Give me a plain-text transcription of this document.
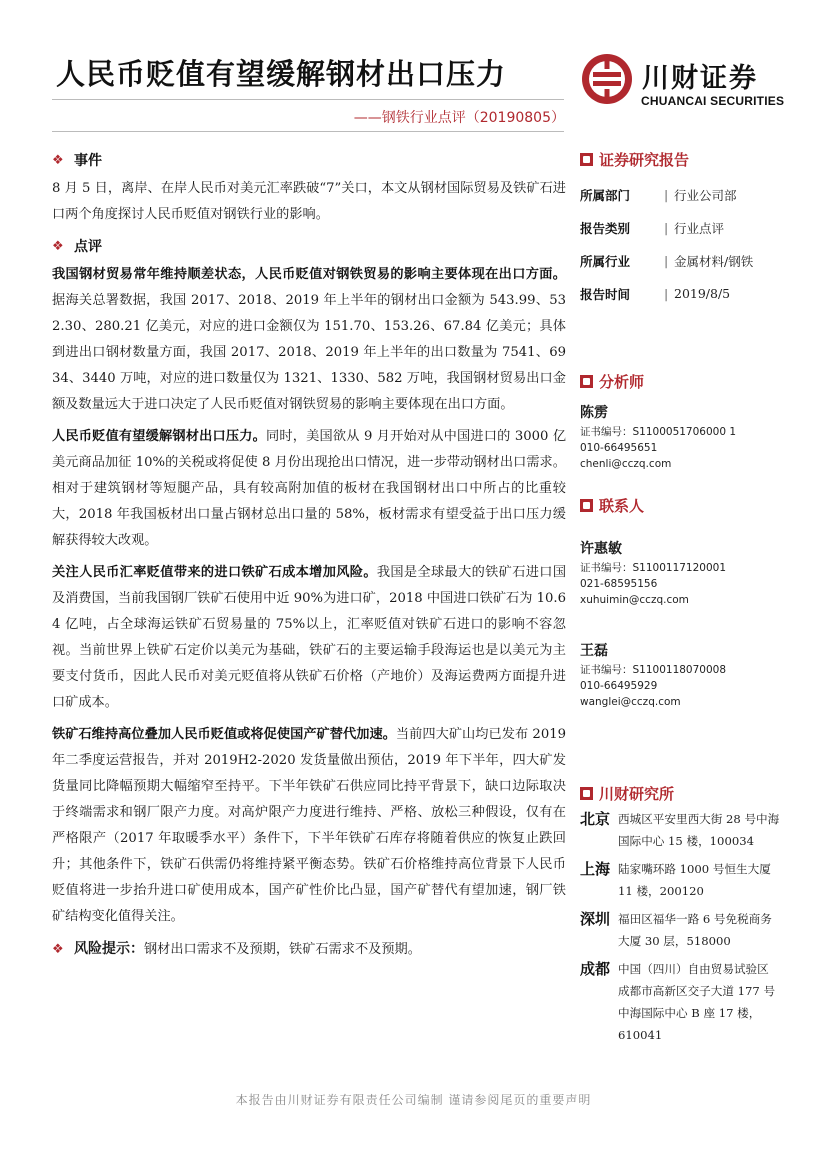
人民币贬值有望缓解钢材出口压力
——钢铁行业点评（20190805）
川财证券
CHUANCAI SECURITIES
❖ 事件

8 月 5 日，离岸、在岸人民币对美元汇率跌破“7”关口，本文从钢材国际贸易及铁矿石进口两个角度探讨人民币贬值对钢铁行业的影响。

❖ 点评

我国钢材贸易常年维持顺差状态，人民币贬值对钢铁贸易的影响主要体现在出口方面。据海关总署数据，我国 2017、2018、2019 年上半年的钢材出口金额为 543.99、532.30、280.21 亿美元，对应的进口金额仅为 151.70、153.26、67.84 亿美元；具体到进出口钢材数量方面，我国 2017、2018、2019 年上半年的出口数量为 7541、6934、3440 万吨，对应的进口数量仅为 1321、1330、582 万吨，我国钢材贸易出口金额及数量远大于进口决定了人民币贬值对钢铁贸易的影响主要体现在出口方面。

人民币贬值有望缓解钢材出口压力。同时，美国欲从 9 月开始对从中国进口的 3000 亿美元商品加征 10%的关税或将促使 8 月份出现抢出口情况，进一步带动钢材出口需求。相对于建筑钢材等短腿产品，具有较高附加值的板材在我国钢材出口中所占的比重较大，2018 年我国板材出口量占钢材总出口量的 58%，板材需求有望受益于出口压力缓解获得较大改观。

关注人民币汇率贬值带来的进口铁矿石成本增加风险。我国是全球最大的铁矿石进口国及消费国，当前我国钢厂铁矿石使用中近 90%为进口矿，2018 中国进口铁矿石为 10.64 亿吨，占全球海运铁矿石贸易量的 75%以上，汇率贬值对铁矿石进口的影响不容忽视。当前世界上铁矿石定价以美元为基础，铁矿石的主要运输手段海运也是以美元为主要支付货币，因此人民币对美元贬值将从铁矿石价格（产地价）及海运费两方面提升进口矿成本。

铁矿石维持高位叠加人民币贬值或将促使国产矿替代加速。当前四大矿山均已发布 2019 年二季度运营报告，并对 2019H2-2020 发货量做出预估，2019 年下半年，四大矿发货量同比降幅预期大幅缩窄至持平。下半年铁矿石供应同比持平背景下，缺口边际取决于终端需求和钢厂限产力度。对高炉限产力度进行维持、严格、放松三种假设，仅有在严格限产（2017 年取暖季水平）条件下，下半年铁矿石库存将随着供应的恢复止跌回升；其他条件下，铁矿石供需仍将维持紧平衡态势。铁矿石价格维持高位背景下人民币贬值将进一步抬升进口矿使用成本，国产矿性价比凸显，国产矿替代有望加速，钢厂铁矿结构变化值得关注。

❖ 风险提示： 钢材出口需求不及预期，铁矿石需求不及预期。
证券研究报告
所属部门	| 行业公司部
报告类别	| 行业点评
所属行业	| 金属材料/钢铁
报告时间	| 2019/8/5
分析师
陈雳
证书编号：S1100051706000 1
010-66495651
chenli@cczq.com
联系人
许惠敏
证书编号：S1100117120001
021-68595156
xuhuimin@cczq.com
王磊
证书编号：S1100118070008
010-66495929
wanglei@cczq.com
川财研究所
北京 西城区平安里西大街 28 号中海国际中心 15 楼，100034
上海 陆家嘴环路 1000 号恒生大厦 11 楼，200120
深圳 福田区福华一路 6 号免税商务大厦 30 层，518000
成都 中国（四川）自由贸易试验区成都市高新区交子大道 177 号中海国际中心 B 座 17 楼，610041
本报告由川财证券有限责任公司编制 谨请参阅尾页的重要声明
